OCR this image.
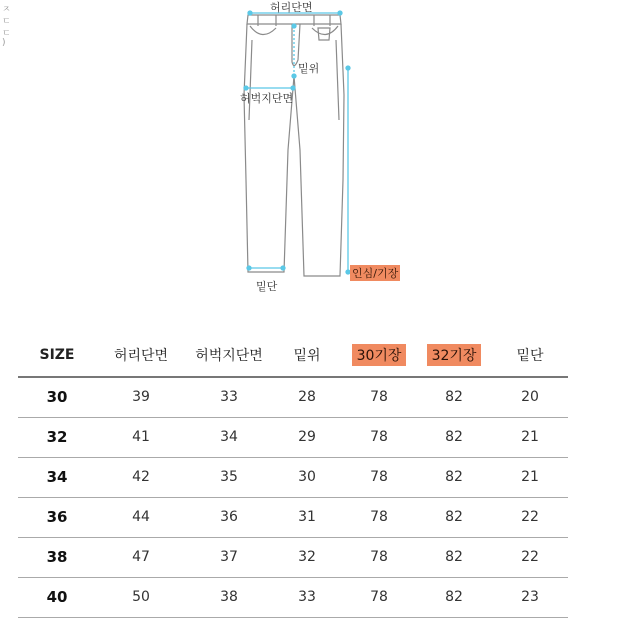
ㅈ
ㄷ
ㄷ
)
허리단면
밑위
허벅지단면
밑단
인심/기장
SIZE	허리단면	허벅지단면	밑위	30기장	32기장	밑단
30	39	33	28	78	82	20
32	41	34	29	78	82	21
34	42	35	30	78	82	21
36	44	36	31	78	82	22
38	47	37	32	78	82	22
40	50	38	33	78	82	23
